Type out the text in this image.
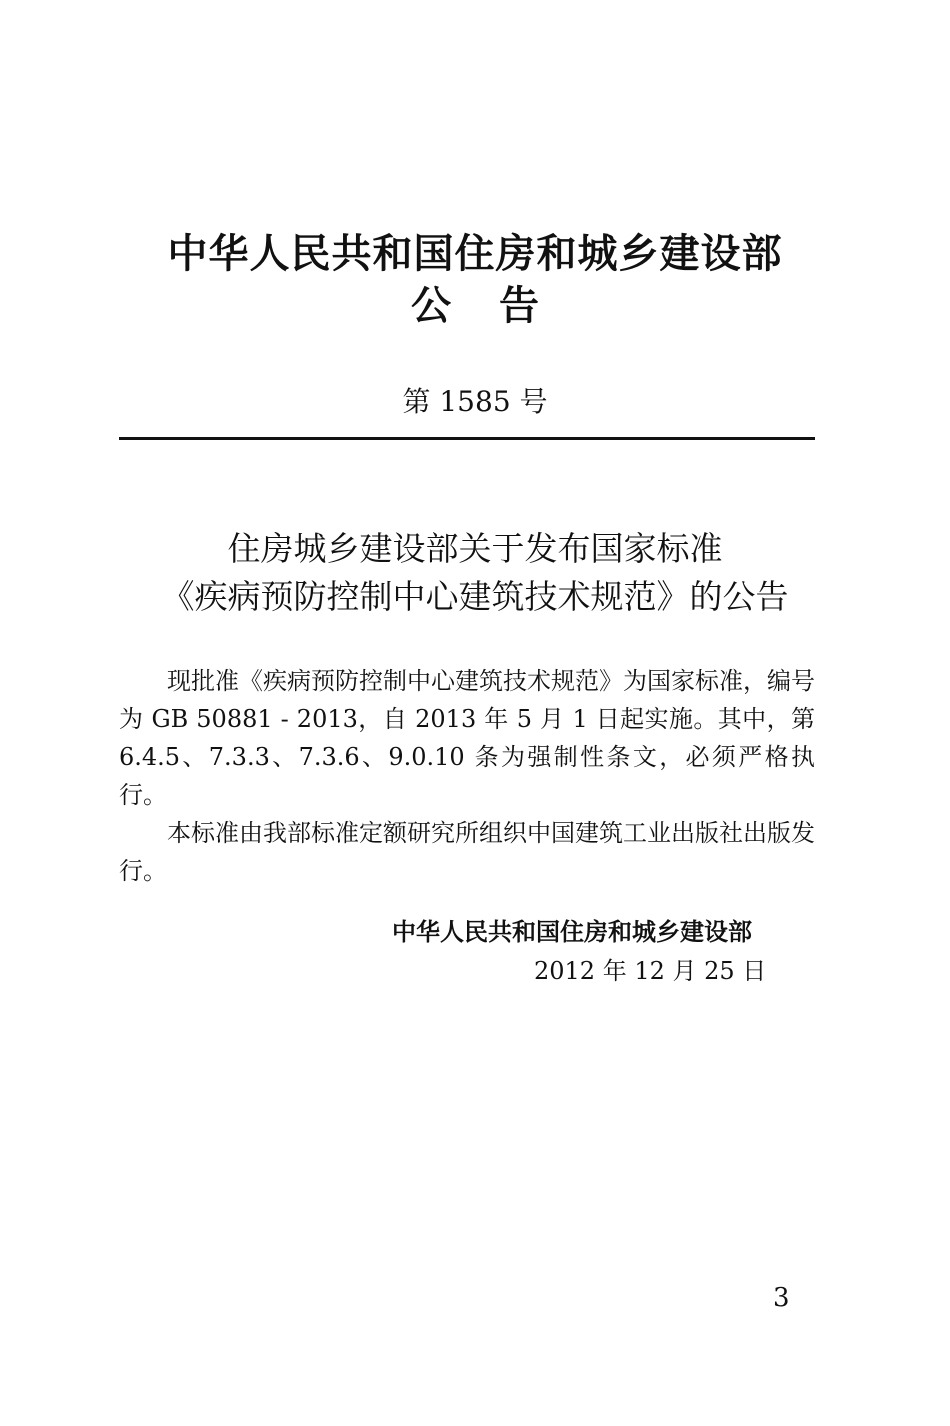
中华人民共和国住房和城乡建设部
公告
第 1585 号
住房城乡建设部关于发布国家标准
《疾病预防控制中心建筑技术规范》的公告

现批准《疾病预防控制中心建筑技术规范》为国家标准，编号为 GB 50881 - 2013，自 2013 年 5 月 1 日起实施。其中，第 6.4.5、7.3.3、7.3.6、9.0.10 条为强制性条文，必须严格执行。

本标准由我部标准定额研究所组织中国建筑工业出版社出版发行。

中华人民共和国住房和城乡建设部
2012 年 12 月 25 日
3
